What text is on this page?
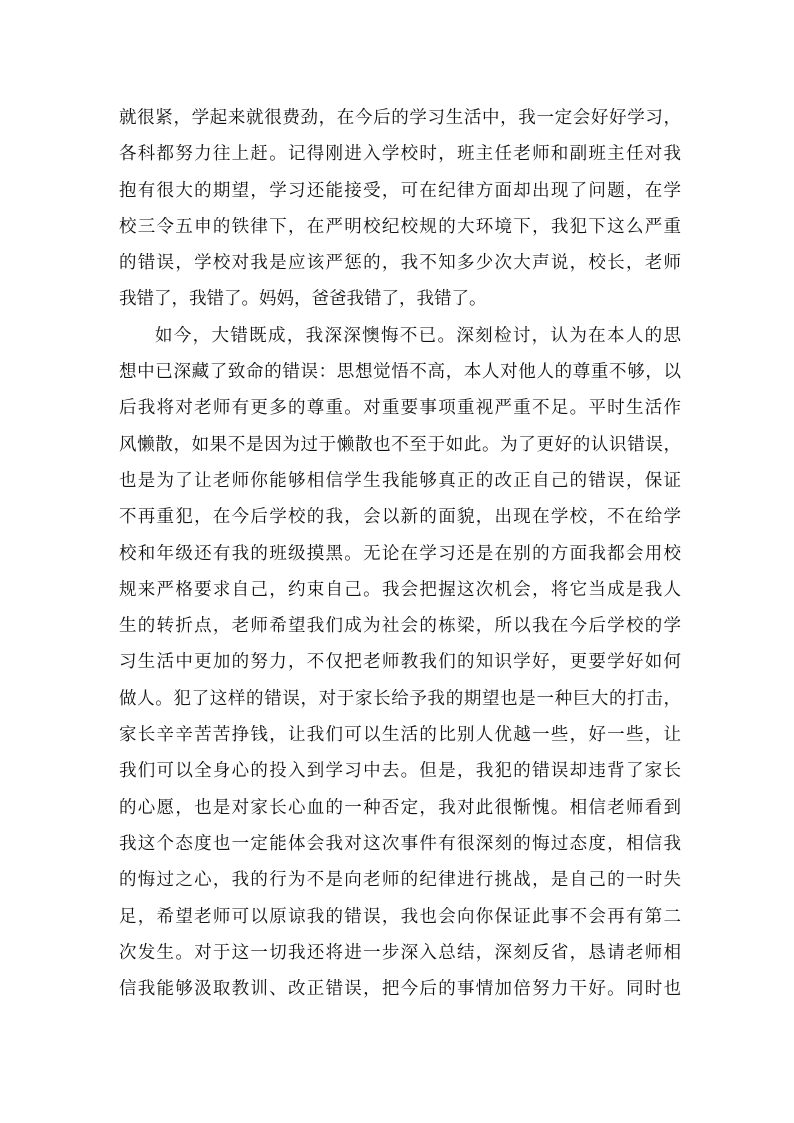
就很紧，学起来就很费劲，在今后的学习生活中，我一定会好好学习，
各科都努力往上赶。记得刚进入学校时，班主任老师和副班主任对我
抱有很大的期望，学习还能接受，可在纪律方面却出现了问题，在学
校三令五申的铁律下，在严明校纪校规的大环境下，我犯下这么严重
的错误，学校对我是应该严惩的，我不知多少次大声说，校长，老师
我错了，我错了。妈妈，爸爸我错了，我错了。
如今，大错既成，我深深懊悔不已。深刻检讨，认为在本人的思
想中已深藏了致命的错误：思想觉悟不高，本人对他人的尊重不够，以
后我将对老师有更多的尊重。对重要事项重视严重不足。平时生活作
风懒散，如果不是因为过于懒散也不至于如此。为了更好的认识错误，
也是为了让老师你能够相信学生我能够真正的改正自己的错误，保证
不再重犯，在今后学校的我，会以新的面貌，出现在学校，不在给学
校和年级还有我的班级摸黑。无论在学习还是在别的方面我都会用校
规来严格要求自己，约束自己。我会把握这次机会，将它当成是我人
生的转折点，老师希望我们成为社会的栋梁，所以我在今后学校的学
习生活中更加的努力，不仅把老师教我们的知识学好，更要学好如何
做人。犯了这样的错误，对于家长给予我的期望也是一种巨大的打击，
家长辛辛苦苦挣钱，让我们可以生活的比别人优越一些，好一些，让
我们可以全身心的投入到学习中去。但是，我犯的错误却违背了家长
的心愿，也是对家长心血的一种否定，我对此很惭愧。相信老师看到
我这个态度也一定能体会我对这次事件有很深刻的悔过态度，相信我
的悔过之心，我的行为不是向老师的纪律进行挑战，是自己的一时失
足，希望老师可以原谅我的错误，我也会向你保证此事不会再有第二
次发生。对于这一切我还将进一步深入总结，深刻反省，恳请老师相
信我能够汲取教训、改正错误，把今后的事情加倍努力干好。同时也
